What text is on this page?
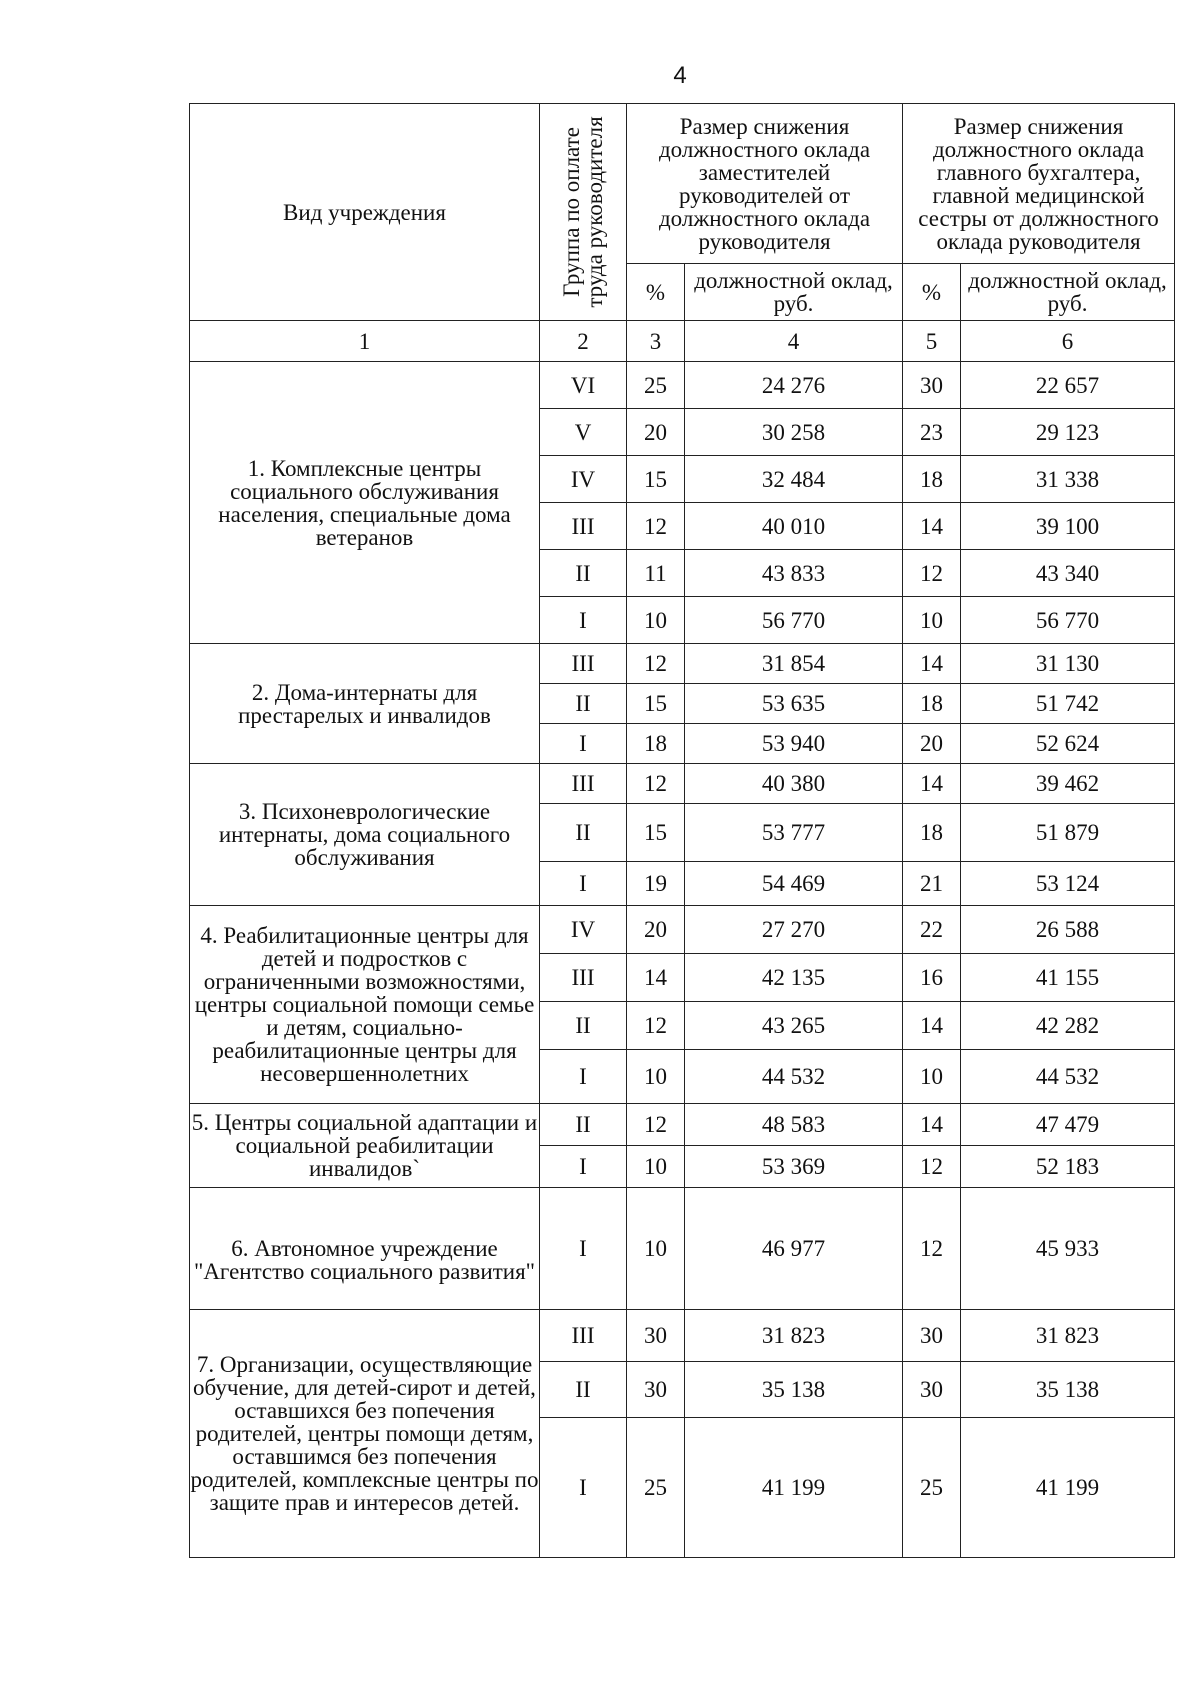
4
Вид учреждения	Группа по оплате труда руководителя	Размер снижения должностного оклада заместителей руководителей от должностного оклада руководителя		Размер снижения должностного оклада главного бухгалтера, главной медицинской сестры от должностного оклада руководителя	
		%	должностной оклад, руб.	%	должностной оклад, руб.
1	2	3	4	5	6
1. Комплексные центры социального обслуживания населения, специальные дома ветеранов	VI	25	24 276	30	22 657
	V	20	30 258	23	29 123
	IV	15	32 484	18	31 338
	III	12	40 010	14	39 100
	II	11	43 833	12	43 340
	I	10	56 770	10	56 770
2. Дома-интернаты для престарелых и инвалидов	III	12	31 854	14	31 130
	II	15	53 635	18	51 742
	I	18	53 940	20	52 624
3. Психоневрологические интернаты, дома социального обслуживания	III	12	40 380	14	39 462
	II	15	53 777	18	51 879
	I	19	54 469	21	53 124
4. Реабилитационные центры для детей и подростков с ограниченными возможностями, центры социальной помощи семье и детям, социально-реабилитационные центры для несовершеннолетних	IV	20	27 270	22	26 588
	III	14	42 135	16	41 155
	II	12	43 265	14	42 282
	I	10	44 532	10	44 532
5. Центры социальной адаптации и социальной реабилитации инвалидов`	II	12	48 583	14	47 479
	I	10	53 369	12	52 183
6. Автономное учреждение "Агентство социального развития"	I	10	46 977	12	45 933
7. Организации, осуществляющие обучение, для детей-сирот и детей, оставшихся без попечения родителей, центры помощи детям, оставшимся без попечения родителей, комплексные центры по защите прав и интересов детей.	III	30	31 823	30	31 823
	II	30	35 138	30	35 138
	I	25	41 199	25	41 199
